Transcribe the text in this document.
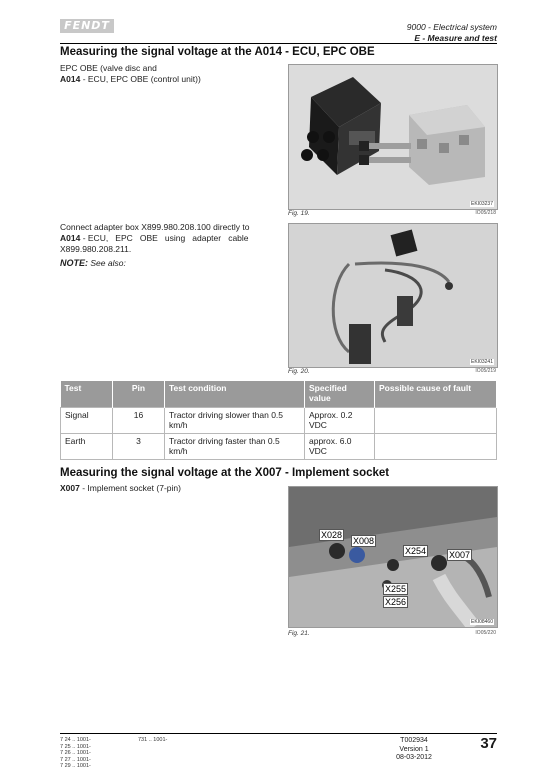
FENDT	9000 - Electrical system
E - Measure and test
Measuring the signal voltage at the A014 - ECU, EPC OBE
EPC OBE (valve disc and
A014 - ECU, EPC OBE (control unit))
EKI03237
Fig. 19.	IO05/218
Connect adapter box X899.980.208.100 directly to
A014 - ECU,   EPC   OBE   using   adapter   cable
X899.980.208.211.
NOTE: See also:
EKI03241
Fig. 20.	IO05/219
Test	Pin	Test condition	Specified value	Possible cause of fault
Signal	16	Tractor driving slower than 0.5 km/h	Approx. 0.2 VDC	
Earth	3	Tractor driving faster than 0.5 km/h	approx. 6.0 VDC	
Measuring the signal voltage at the X007 - Implement socket
X007 - Implement socket (7-pin)
X028
X008
X254	X007
X255
X256
EKI08460
Fig. 21.	IO05/220
7 24 .. 1001-
7 25 .. 1001-
7 26 .. 1001-
7 27 .. 1001-
7 29 .. 1001-
731 .. 1001-	T002934
Version 1
08-03-2012
37
